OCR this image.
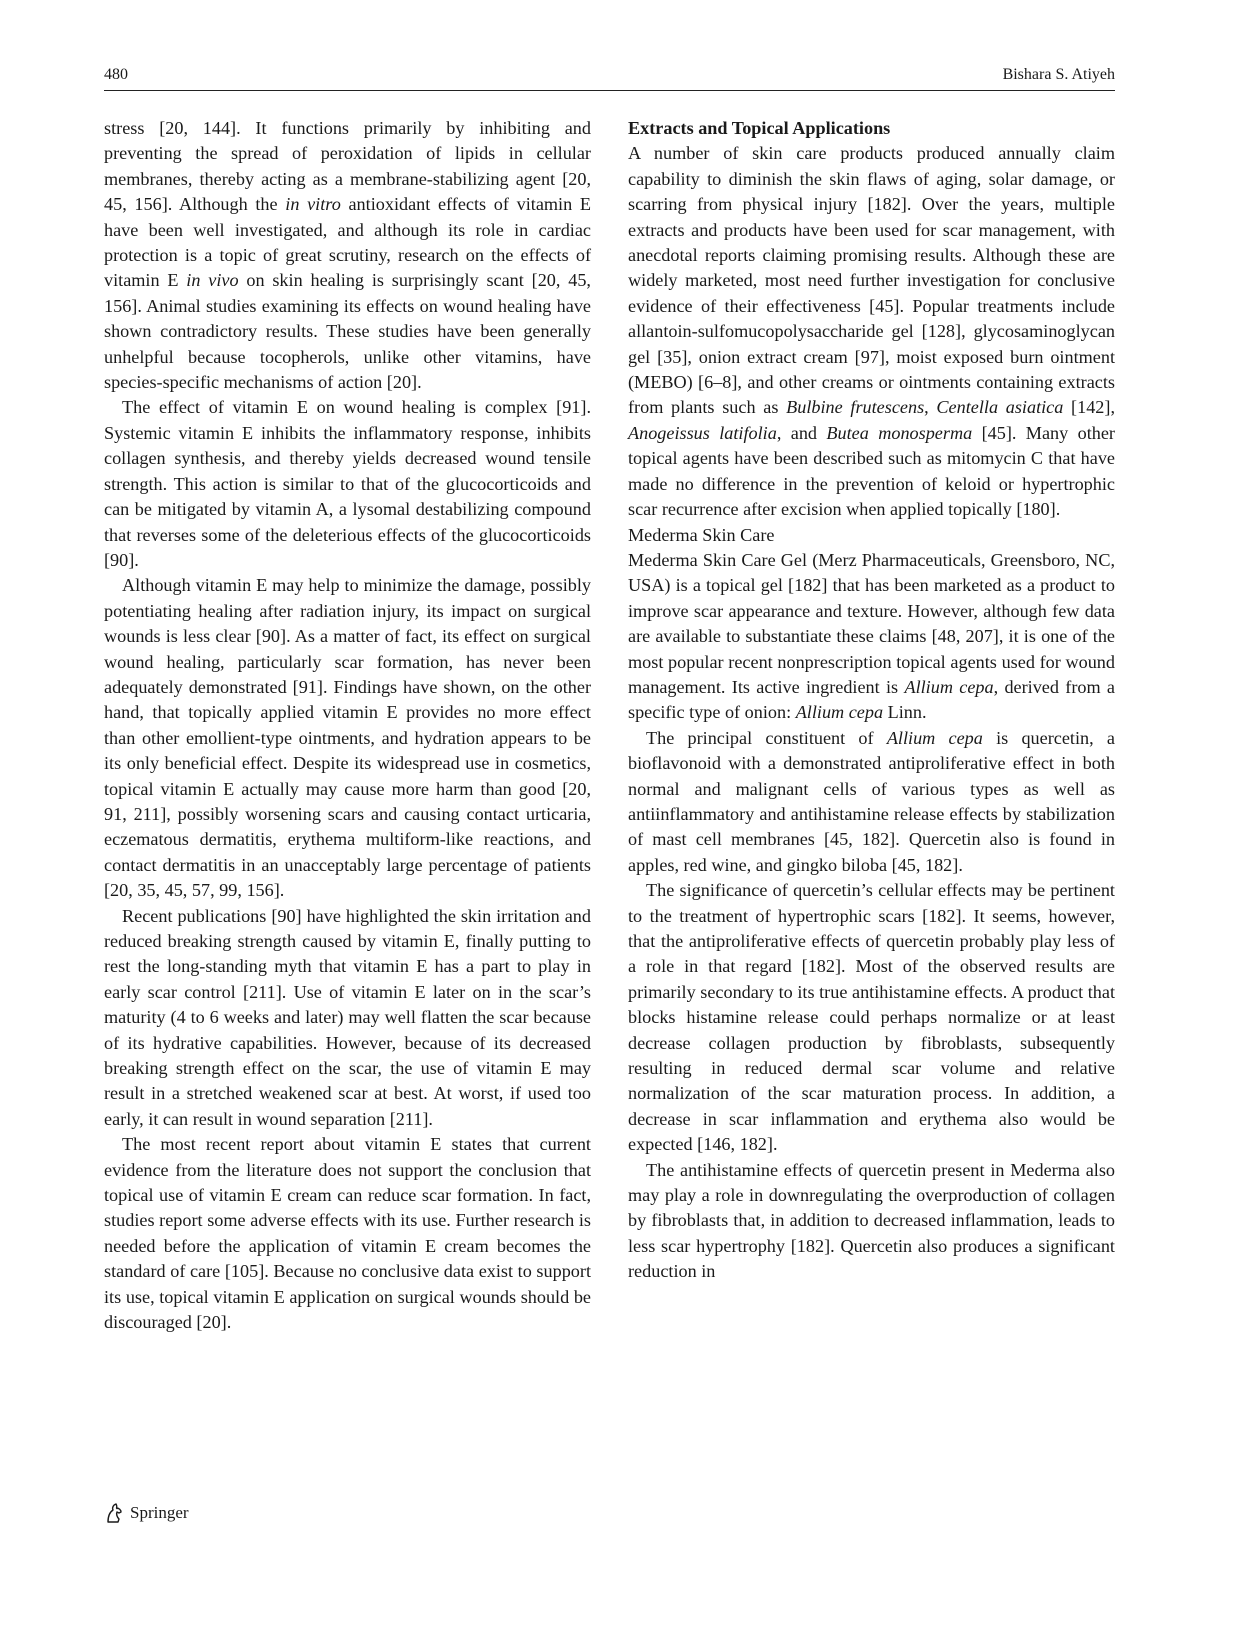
480	Bishara S. Atiyeh

stress [20, 144]. It functions primarily by inhibiting and preventing the spread of peroxidation of lipids in cellular membranes, thereby acting as a membrane-stabilizing agent [20, 45, 156]. Although the in vitro antioxidant effects of vitamin E have been well investigated, and although its role in cardiac protection is a topic of great scrutiny, research on the effects of vitamin E in vivo on skin healing is surprisingly scant [20, 45, 156]. Animal studies examining its effects on wound healing have shown contradictory results. These studies have been generally unhelpful because tocopherols, unlike other vitamins, have species-specific mechanisms of action [20].

The effect of vitamin E on wound healing is complex [91]. Systemic vitamin E inhibits the inflammatory response, inhibits collagen synthesis, and thereby yields decreased wound tensile strength. This action is similar to that of the glucocorticoids and can be mitigated by vitamin A, a lysomal destabilizing compound that reverses some of the deleterious effects of the glucocorticoids [90].

Although vitamin E may help to minimize the damage, possibly potentiating healing after radiation injury, its impact on surgical wounds is less clear [90]. As a matter of fact, its effect on surgical wound healing, particularly scar formation, has never been adequately demonstrated [91]. Findings have shown, on the other hand, that topically applied vitamin E provides no more effect than other emollient-type ointments, and hydration appears to be its only beneficial effect. Despite its widespread use in cosmetics, topical vitamin E actually may cause more harm than good [20, 91, 211], possibly worsening scars and causing contact urticaria, eczematous dermatitis, erythema multiform-like reactions, and contact dermatitis in an unacceptably large percentage of patients [20, 35, 45, 57, 99, 156].

Recent publications [90] have highlighted the skin irritation and reduced breaking strength caused by vitamin E, finally putting to rest the long-standing myth that vitamin E has a part to play in early scar control [211]. Use of vitamin E later on in the scar’s maturity (4 to 6 weeks and later) may well flatten the scar because of its hydrative capabilities. However, because of its decreased breaking strength effect on the scar, the use of vitamin E may result in a stretched weakened scar at best. At worst, if used too early, it can result in wound separation [211].

The most recent report about vitamin E states that current evidence from the literature does not support the conclusion that topical use of vitamin E cream can reduce scar formation. In fact, studies report some adverse effects with its use. Further research is needed before the application of vitamin E cream becomes the standard of care [105]. Because no conclusive data exist to support its use, topical vitamin E application on surgical wounds should be discouraged [20].

Extracts and Topical Applications

A number of skin care products produced annually claim capability to diminish the skin flaws of aging, solar damage, or scarring from physical injury [182]. Over the years, multiple extracts and products have been used for scar management, with anecdotal reports claiming promising results. Although these are widely marketed, most need further investigation for conclusive evidence of their effectiveness [45]. Popular treatments include allantoin-sulfomucopolysaccharide gel [128], glycosaminoglycan gel [35], onion extract cream [97], moist exposed burn ointment (MEBO) [6–8], and other creams or ointments containing extracts from plants such as Bulbine frutescens, Centella asiatica [142], Anogeissus latifolia, and Butea monosperma [45]. Many other topical agents have been described such as mitomycin C that have made no difference in the prevention of keloid or hypertrophic scar recurrence after excision when applied topically [180].

Mederma Skin Care

Mederma Skin Care Gel (Merz Pharmaceuticals, Greensboro, NC, USA) is a topical gel [182] that has been marketed as a product to improve scar appearance and texture. However, although few data are available to substantiate these claims [48, 207], it is one of the most popular recent nonprescription topical agents used for wound management. Its active ingredient is Allium cepa, derived from a specific type of onion: Allium cepa Linn.

The principal constituent of Allium cepa is quercetin, a bioflavonoid with a demonstrated antiproliferative effect in both normal and malignant cells of various types as well as antiinflammatory and antihistamine release effects by stabilization of mast cell membranes [45, 182]. Quercetin also is found in apples, red wine, and gingko biloba [45, 182].

The significance of quercetin’s cellular effects may be pertinent to the treatment of hypertrophic scars [182]. It seems, however, that the antiproliferative effects of quercetin probably play less of a role in that regard [182]. Most of the observed results are primarily secondary to its true antihistamine effects. A product that blocks histamine release could perhaps normalize or at least decrease collagen production by fibroblasts, subsequently resulting in reduced dermal scar volume and relative normalization of the scar maturation process. In addition, a decrease in scar inflammation and erythema also would be expected [146, 182].

The antihistamine effects of quercetin present in Mederma also may play a role in downregulating the overproduction of collagen by fibroblasts that, in addition to decreased inflammation, leads to less scar hypertrophy [182]. Quercetin also produces a significant reduction in

Springer
